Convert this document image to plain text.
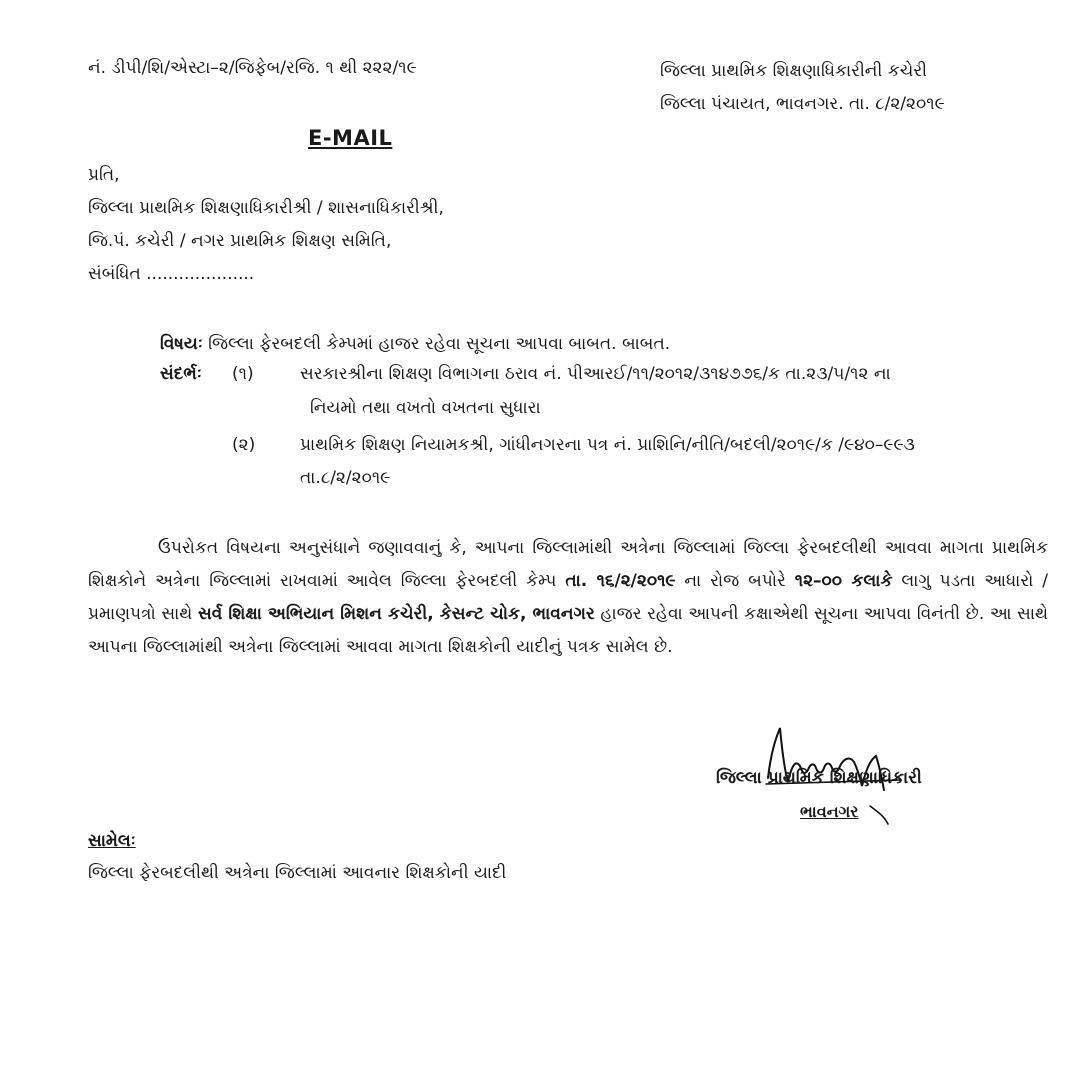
નં. ડીપી/શિ/એસ્ટા–૨/જિફેબ/રજિ. ૧ થી ૨૨૨/૧૯	જિલ્લા પ્રાથમિક શિક્ષણાધિકારીની કચેરી
જિલ્લા પંચાયત, ભાવનગર. તા. ૮/૨/૨૦૧૯
E-MAIL
પ્રતિ,
જિલ્લા પ્રાથમિક શિક્ષણાધિકારીશ્રી / શાસનાધિકારીશ્રી,
જિ.પં. કચેરી / નગર પ્રાથમિક શિક્ષણ સમિતિ,
સંબંધિત ....................
વિષયઃ જિલ્લા ફેરબદલી કેમ્પમાં હાજર રહેવા સૂચના આપવા બાબત. બાબત.
સંદર્ભઃ (૧)	સરકારશ્રીના શિક્ષણ વિભાગના ઠરાવ નં. પીઆરઈ/૧૧/૨૦૧૨/૩૧૪૭૭૬/ક તા.૨૩/૫/૧૨ ના
નિયમો તથા વખતો વખતના સુધારા
(૨)	પ્રાથમિક શિક્ષણ નિયામકશ્રી, ગાંધીનગરના પત્ર નં. પ્રાશિનિ/નીતિ/બદલી/૨૦૧૯/ક /૯૪૦–૯૯૩
તા.૮/૨/૨૦૧૯
ઉપરોકત વિષયના અનુસંધાને જણાવવાનું કે, આપના જિલ્લામાંથી અત્રેના જિલ્લામાં જિલ્લા ફેરબદલીથી આવવા માગતા પ્રાથમિક શિક્ષકોને અત્રેના જિલ્લામાં રાખવામાં આવેલ જિલ્લા ફેરબદલી કેમ્પ તા. ૧૬/૨/૨૦૧૯ ના રોજ બપોરે ૧૨–૦૦ કલાકે લાગુ પડતા આધારો / પ્રમાણપત્રો સાથે સર્વ શિક્ષા અભિયાન મિશન કચેરી, કેસન્ટ ચોક, ભાવનગર હાજર રહેવા આપની કક્ષાએથી સૂચના આપવા વિનંતી છે. આ સાથે આપના જિલ્લામાંથી અત્રેના જિલ્લામાં આવવા માગતા શિક્ષકોની યાદીનું પત્રક સામેલ છે.
જિલ્લા પ્રાથમિક શિક્ષણાધિકારી
ભાવનગર
સામેલઃ
જિલ્લા ફેરબદલીથી અત્રેના જિલ્લામાં આવનાર શિક્ષકોની યાદી
